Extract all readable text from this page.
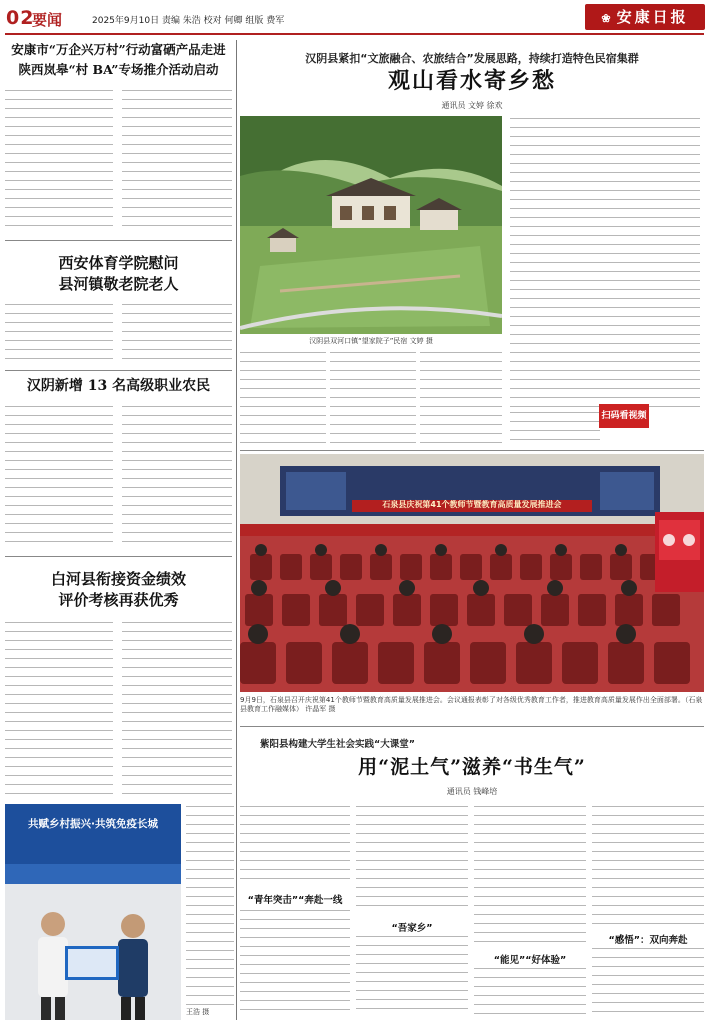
02
要闻	2025年9月10日 责编 朱浩 校对 何卿 组版 费军	❀ 安康日报
安康市“万企兴万村”行动富硒产品走进
陕西岚皋“村 BA”专场推介活动启动
西安体育学院慰问
县河镇敬老院老人
汉阴新增 13 名高级职业农民
白河县衔接资金绩效
评价考核再获优秀
共赋乡村振兴·共筑免疫长城
王浩 摄
汉阴县紧扣“文旅融合、农旅结合”发展思路，持续打造特色民宿集群
观山看水寄乡愁
通讯员 文婷 徐欢
汉阴县双河口镇“望家院子”民宿 文婷 摄
扫码看视频
石泉县庆祝第41个教师节暨教育高质量发展推进会
9月9日，石泉县召开庆祝第41个教师节暨教育高质量发展推进会。会议通报表彰了对各级优秀教育工作者，推进教育高质量发展作出全面部署。（石泉县教育工作融媒体） 许晶军 摄
紫阳县构建大学生社会实践“大课堂”
用“泥土气”滋养“书生气”
通讯员 钱峰培
“青年突击”“奔赴一线
“吾家乡”
“能见”“好体验”
“感悟”：双向奔赴
